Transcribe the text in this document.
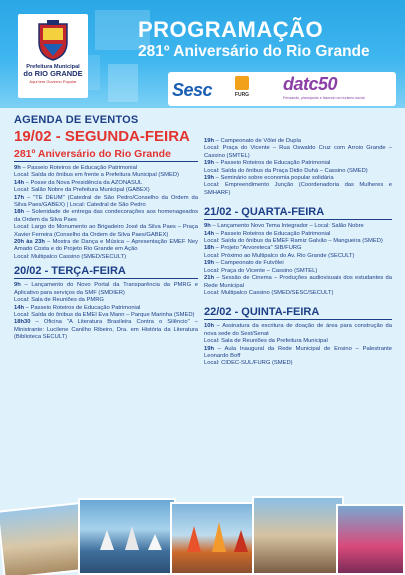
Prefeitura Municipal
do RIO GRANDE
Aqui tem Governo Popular
PROGRAMAÇÃO
281º Aniversário do Rio Grande
Sesc	FURG
datc50
Pensando, planejando e fazendo um turismo social
AGENDA DE EVENTOS
19/02 - SEGUNDA-FEIRA
281º Aniversário do Rio Grande
9h – Passeio Roteiros de Educação Patrimonial
Local: Saída do ônibus em frente a Prefeitura Municipal (SMED)
14h – Posse da Nova Presidência da AZONASUL
Local: Salão Nobre da Prefeitura Municipal (GABEX)
17h – "TE DEUM" (Catedral de São Pedro/Conselho da Ordem da Silva Paes/GABEX) | Local: Catedral de São Pedro
18h – Solenidade de entrega das condecorações aos homenageados da Ordem da Silva Paes
Local: Largo do Monumento ao Brigadeiro José da Silva Paes – Praça Xavier Ferreira (Conselho da Ordem de Silva Paes/GABEX)
20h às 23h – Mostra de Dança e Música – Apresentação EMEF Ney Amado Costa e do Projeto Rio Grande em Ação
Local: Multipalco Cassino (SMED/SECULT)
20/02 - TERÇA-FEIRA
9h – Lançamento do Novo Portal da Transparência da PMRG e Aplicativo para serviços da SMF (SMDIER)
Local: Sala de Reuniões da PMRG
14h – Passeio Roteiros de Educação Patrimonial
Local: Saída do ônibus da EMEI Eva Mann – Parque Marinha (SMED)
18h30 – Oficina "A Literatura Brasileira Contra o Silêncio" – Ministrante: Lucilene Canilho Ribeiro, Dra. em História da Literatura (Biblioteca SECULT)
19h – Campeonato de Vôlei de Dupla
Local: Praça do Vicente – Rua Oswaldo Cruz com Arroio Grande – Cassino (SMTEL)
19h – Passeio Roteiros de Educação Patrimonial
Local: Saída do ônibus da Praça Didio Duhá – Cassino (SMED)
19h – Seminário sobre economia popular solidária
Local: Empreendimento Junção (Coordenadoria das Mulheres e SMHARF)
21/02 - QUARTA-FEIRA
9h – Lançamento Novo Tema Integrador – Local: Salão Nobre
14h – Passeio Roteiros de Educação Patrimonial
Local: Saída do ônibus da EMEF Ramiz Galvão – Mangueira (SMED)
18h – Projeto "Arvoreteca" SIB/FURG
Local: Próximo ao Multipalco do Av. Rio Grande (SECULT)
19h – Campeonato de Futvôlei
Local: Praça do Vicente – Cassino (SMTEL)
21h – Sessão de Cinema – Produções audiovisuais dos estudantes da Rede Municipal
Local: Multipalco Cassino (SMED/SESC/SECULT)
22/02 - QUINTA-FEIRA
10h – Assinatura da escritura de doação de área para construção da nova sede do Sest/Senat
Local: Sala de Reuniões da Prefeitura Municipal
19h – Aula Inaugural da Rede Municipal de Ensino – Palestrante Leonardo Boff
Local: CIDEC-SUL/FURG (SMED)
